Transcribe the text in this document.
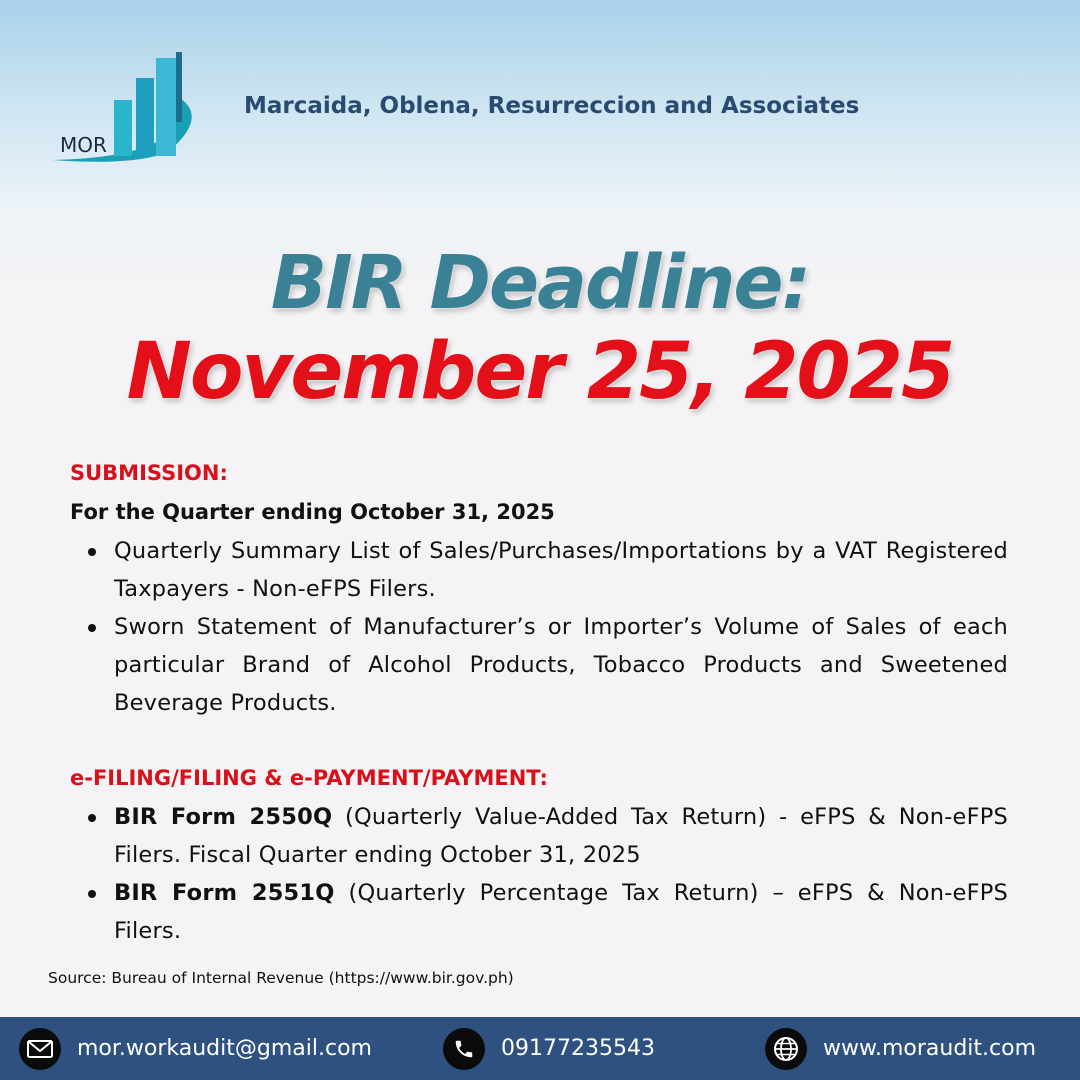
MOR
Marcaida, Oblena, Resurreccion and Associates
BIR Deadline:
November 25, 2025
SUBMISSION:
For the Quarter ending October 31, 2025
Quarterly Summary List of Sales/Purchases/Importations by a VAT Registered Taxpayers - Non-eFPS Filers.
Sworn Statement of Manufacturer’s or Importer’s Volume of Sales of each particular Brand of Alcohol Products, Tobacco Products and Sweetened Beverage Products.
e-FILING/FILING & e-PAYMENT/PAYMENT:
BIR Form 2550Q (Quarterly Value-Added Tax Return) - eFPS & Non-eFPS Filers. Fiscal Quarter ending October 31, 2025
BIR Form 2551Q (Quarterly Percentage Tax Return) – eFPS & Non-eFPS Filers.
Source: Bureau of Internal Revenue (https://www.bir.gov.ph)
mor.workaudit@gmail.com	09177235543	www.moraudit.com
